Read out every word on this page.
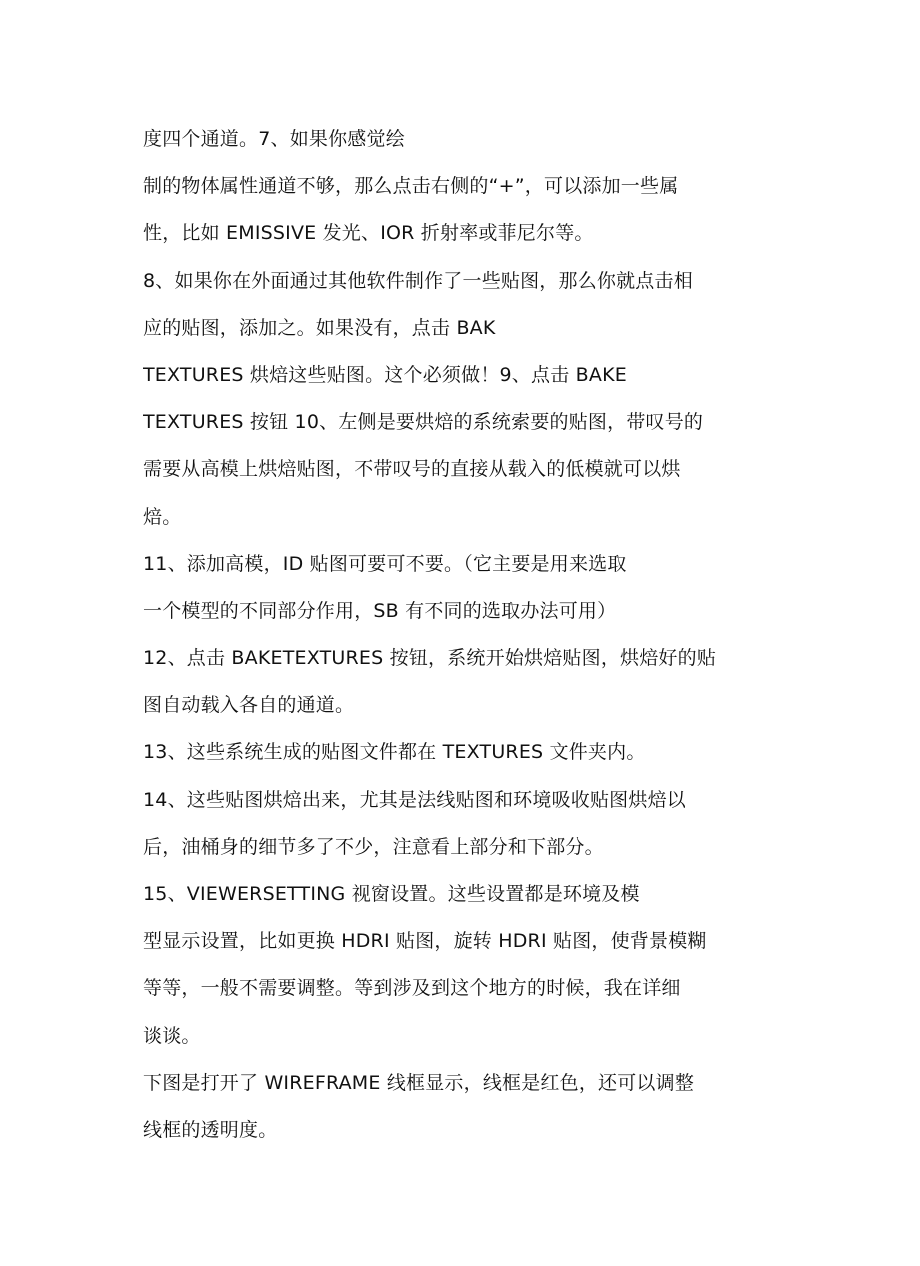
度四个通道。7、如果你感觉绘
制的物体属性通道不够，那么点击右侧的“+”，可以添加一些属
性，比如 EMISSIVE 发光、IOR 折射率或菲尼尔等。
8、如果你在外面通过其他软件制作了一些贴图，那么你就点击相
应的贴图，添加之。如果没有，点击 BAK
TEXTURES 烘焙这些贴图。这个必须做！9、点击 BAKE
TEXTURES 按钮 10、左侧是要烘焙的系统索要的贴图，带叹号的
需要从高模上烘焙贴图，不带叹号的直接从载入的低模就可以烘
焙。
11、添加高模，ID 贴图可要可不要。（它主要是用来选取
一个模型的不同部分作用，SB 有不同的选取办法可用）
12、点击 BAKETEXTURES 按钮，系统开始烘焙贴图，烘焙好的贴
图自动载入各自的通道。
13、这些系统生成的贴图文件都在 TEXTURES 文件夹内。
14、这些贴图烘焙出来，尤其是法线贴图和环境吸收贴图烘焙以
后，油桶身的细节多了不少，注意看上部分和下部分。
15、VIEWERSETTING 视窗设置。这些设置都是环境及模
型显示设置，比如更换 HDRI 贴图，旋转 HDRI 贴图，使背景模糊
等等，一般不需要调整。等到涉及到这个地方的时候，我在详细
谈谈。
下图是打开了 WIREFRAME 线框显示，线框是红色，还可以调整
线框的透明度。
